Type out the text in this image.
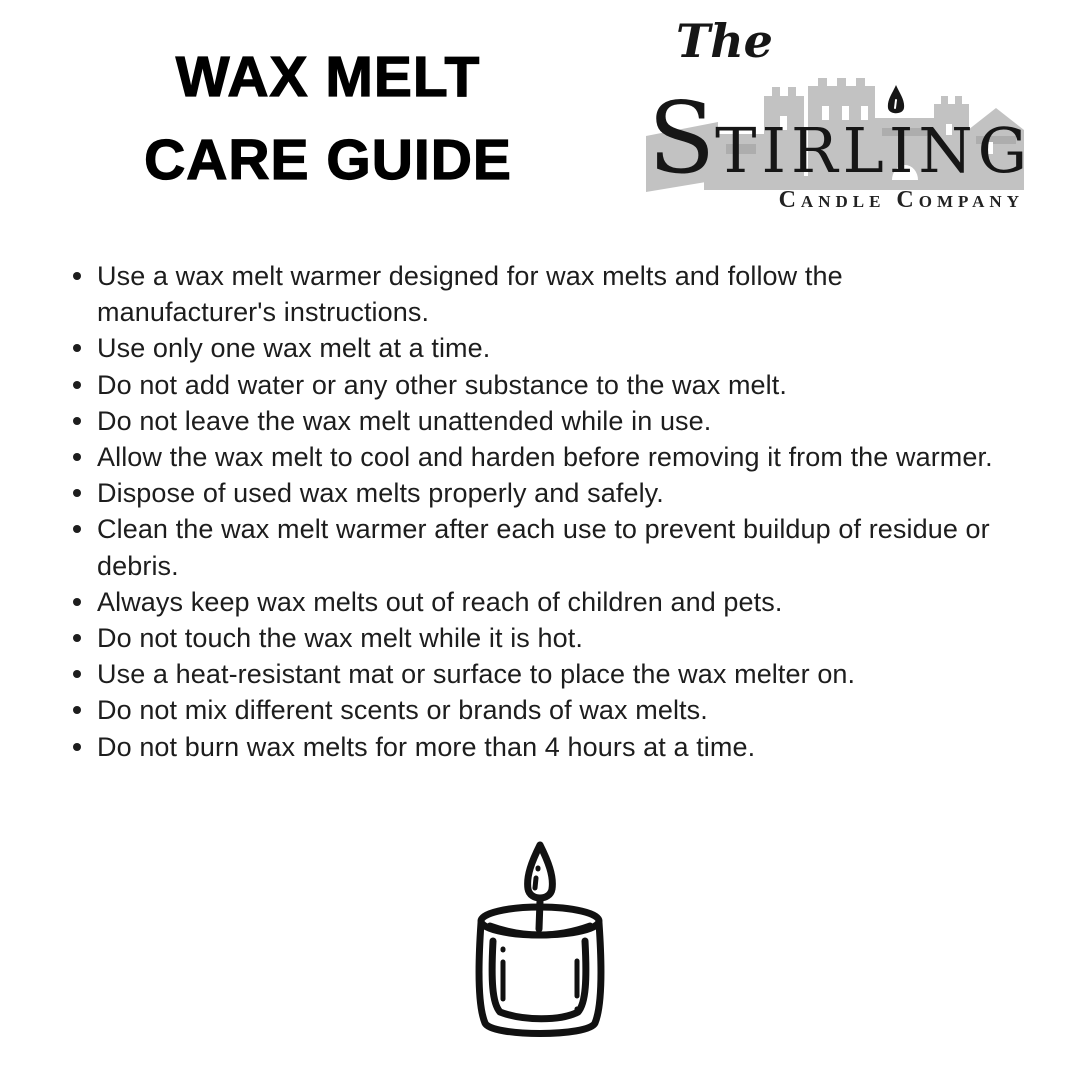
WAX MELT
CARE GUIDE
The
STIRLING
Candle Company
Use a wax melt warmer designed for wax melts and follow the manufacturer's instructions.
Use only one wax melt at a time.
Do not add water or any other substance to the wax melt.
Do not leave the wax melt unattended while in use.
Allow the wax melt to cool and harden before removing it from the warmer.
Dispose of used wax melts properly and safely.
Clean the wax melt warmer after each use to prevent buildup of residue or debris.
Always keep wax melts out of reach of children and pets.
Do not touch the wax melt while it is hot.
Use a heat-resistant mat or surface to place the wax melter on.
Do not mix different scents or brands of wax melts.
Do not burn wax melts for more than 4 hours at a time.
